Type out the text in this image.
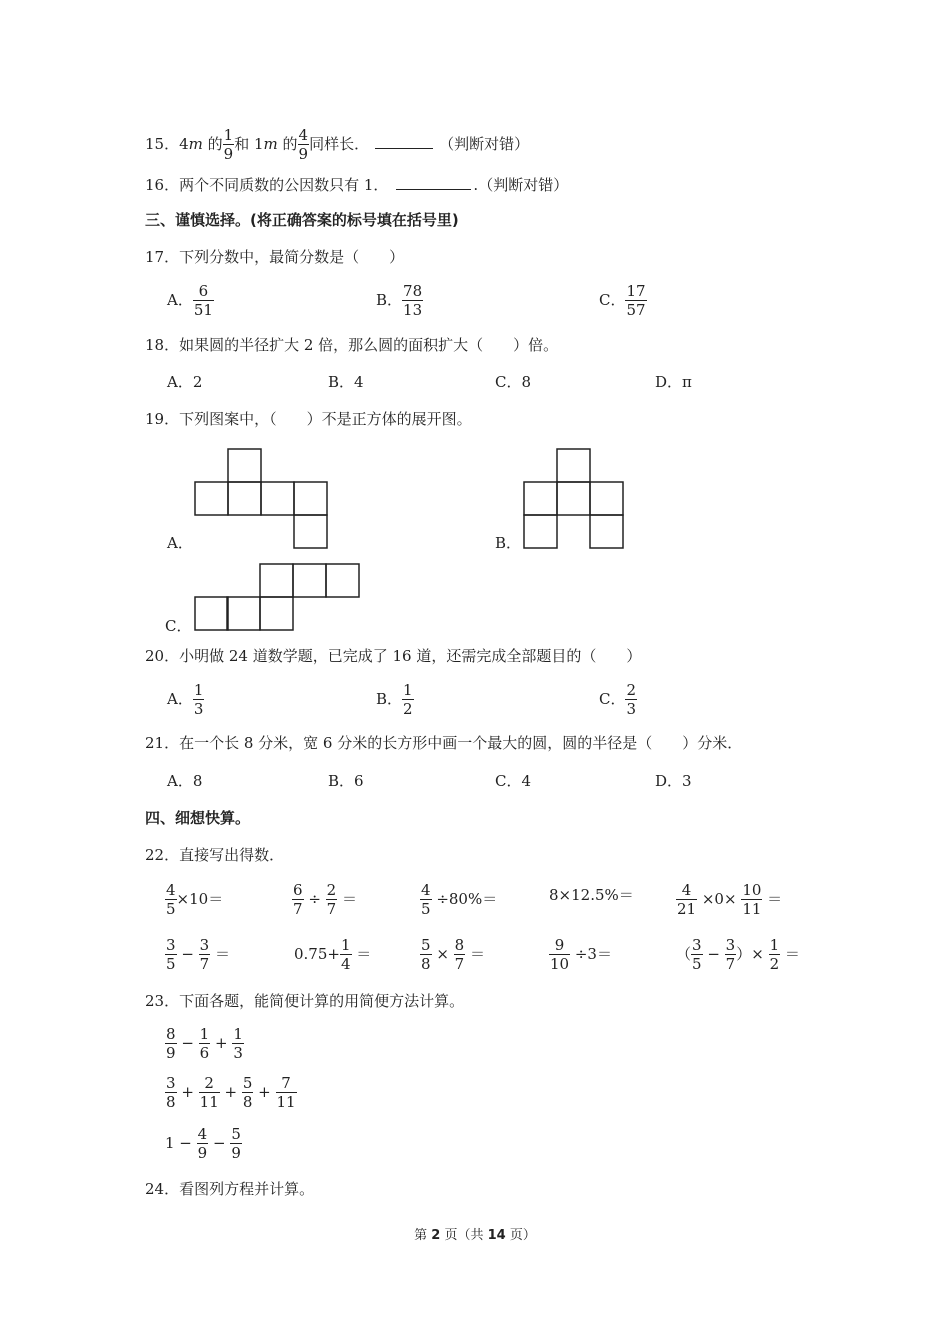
15．4m 的 $\frac{1}{9}$ 和 1m 的 $\frac{4}{9}$ 同样长．	（判断对错）
16．两个不同质数的公因数只有 1．	.（判断对错）
三、谨慎选择。(将正确答案的标号填在括号里)
17．下列分数中，最简分数是（　　）
A． $\frac{6}{51}$	B． $\frac{78}{13}$	C． $\frac{17}{57}$
18．如果圆的半径扩大 2 倍，那么圆的面积扩大（　　）倍。
A．2	B．4	C．8	D．π
19．下列图案中，（　　）不是正方体的展开图。
A．	B．
C．
20．小明做 24 道数学题，已完成了 16 道，还需完成全部题目的（　　）
A． $\frac{1}{3}$	B． $\frac{1}{2}$	C． $\frac{2}{3}$
21．在一个长 8 分米，宽 6 分米的长方形中画一个最大的圆，圆的半径是（　　）分米．
A．8	B．6	C．4	D．3
四、细想快算。
22．直接写出得数．
$\frac{4}{5} \times 10=$	$\frac{6}{7} \div \frac{2}{7}$ ＝	$\frac{4}{5} \div 80\%=$	8×12.5%＝	$\frac{4}{21} \times 0\times \frac{10}{11}$ ＝
$\frac{3}{5} - \frac{3}{7}$ ＝	$0.75+ \frac{1}{4}$ ＝	$\frac{5}{8} \times \frac{8}{7}$ ＝	$\frac{9}{10} \div 3=$	（ $\frac{3}{5} - \frac{3}{7}$ ）× $\frac{1}{2}$ ＝
23．下面各题，能简便计算的用简便方法计算。
$\frac{8}{9} - \frac{1}{6} + \frac{1}{3}$
$\frac{3}{8} + \frac{2}{11} + \frac{5}{8} + \frac{7}{11}$
$1 - \frac{4}{9} - \frac{5}{9}$
24．看图列方程并计算。
第 2 页（共 14 页）
